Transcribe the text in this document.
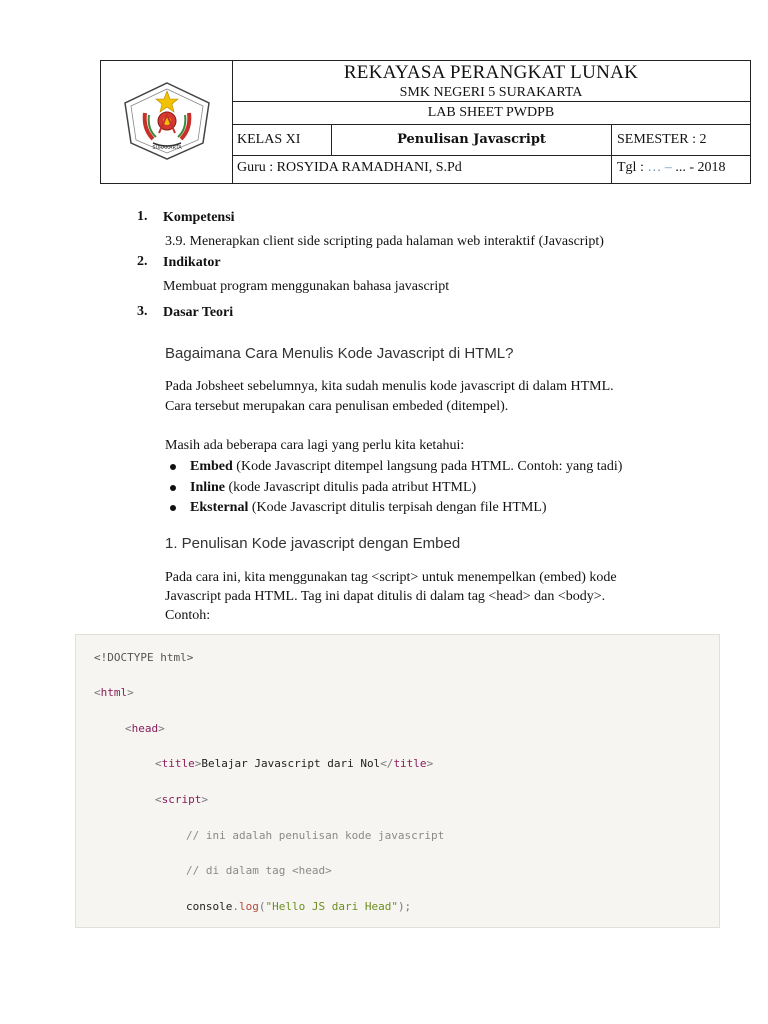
SURAKARTA
REKAYASA PERANGKAT LUNAK
SMK NEGERI 5 SURAKARTA
LAB SHEET PWDPB
KELAS XI	Penulisan Javascript	SEMESTER : 2
Guru : ROSYIDA RAMADHANI, S.Pd	Tgl : … – ... - 2018
1. Kompetensi
3.9. Menerapkan client side scripting pada halaman web interaktif (Javascript)
2. Indikator
Membuat program menggunakan bahasa javascript
3. Dasar Teori
Bagaimana Cara Menulis Kode Javascript di HTML?
Pada Jobsheet sebelumnya, kita sudah menulis kode javascript di dalam HTML.
Cara tersebut merupakan cara penulisan embeded (ditempel).
Masih ada beberapa cara lagi yang perlu kita ketahui:
Embed (Kode Javascript ditempel langsung pada HTML. Contoh: yang tadi)
Inline (kode Javascript ditulis pada atribut HTML)
Eksternal (Kode Javascript ditulis terpisah dengan file HTML)
1. Penulisan Kode javascript dengan Embed
Pada cara ini, kita menggunakan tag <script> untuk menempelkan (embed) kode
Javascript pada HTML. Tag ini dapat ditulis di dalam tag <head> dan <body>.
Contoh:
<!DOCTYPE html>
<html>
<head>
<title>Belajar Javascript dari Nol</title>
<script>
// ini adalah penulisan kode javascript
// di dalam tag <head>
console.log("Hello JS dari Head");
